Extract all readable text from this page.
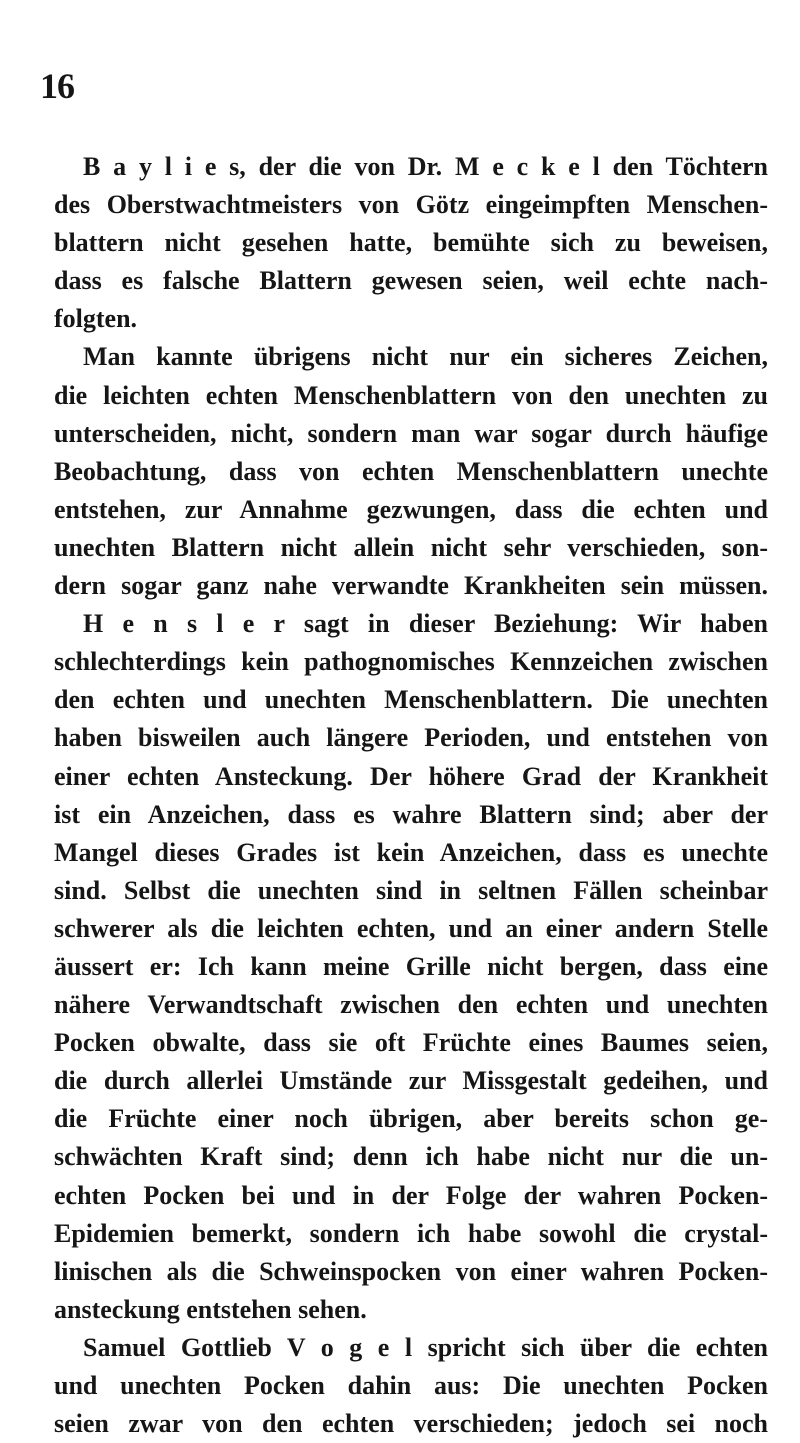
16
B a y l i e s, der die von Dr. M e c k e l den Töchtern
des Oberstwachtmeisters von Götz eingeimpften Menschen-
blattern nicht gesehen hatte, bemühte sich zu beweisen,
dass es falsche Blattern gewesen seien, weil echte nach-
folgten.
Man kannte übrigens nicht nur ein sicheres Zeichen,
die leichten echten Menschenblattern von den unechten zu
unterscheiden, nicht, sondern man war sogar durch häufige
Beobachtung, dass von echten Menschenblattern unechte
entstehen, zur Annahme gezwungen, dass die echten und
unechten Blattern nicht allein nicht sehr verschieden, son-
dern sogar ganz nahe verwandte Krankheiten sein müssen.
H e n s l e r sagt in dieser Beziehung: Wir haben
schlechterdings kein pathognomisches Kennzeichen zwischen
den echten und unechten Menschenblattern. Die unechten
haben bisweilen auch längere Perioden, und entstehen von
einer echten Ansteckung. Der höhere Grad der Krankheit
ist ein Anzeichen, dass es wahre Blattern sind; aber der
Mangel dieses Grades ist kein Anzeichen, dass es unechte
sind. Selbst die unechten sind in seltnen Fällen scheinbar
schwerer als die leichten echten, und an einer andern Stelle
äussert er: Ich kann meine Grille nicht bergen, dass eine
nähere Verwandtschaft zwischen den echten und unechten
Pocken obwalte, dass sie oft Früchte eines Baumes seien,
die durch allerlei Umstände zur Missgestalt gedeihen, und
die Früchte einer noch übrigen, aber bereits schon ge-
schwächten Kraft sind; denn ich habe nicht nur die un-
echten Pocken bei und in der Folge der wahren Pocken-
Epidemien bemerkt, sondern ich habe sowohl die crystal-
linischen als die Schweinspocken von einer wahren Pocken-
ansteckung entstehen sehen.
Samuel Gottlieb V o g e l spricht sich über die echten
und unechten Pocken dahin aus: Die unechten Pocken
seien zwar von den echten verschieden; jedoch sei noch
